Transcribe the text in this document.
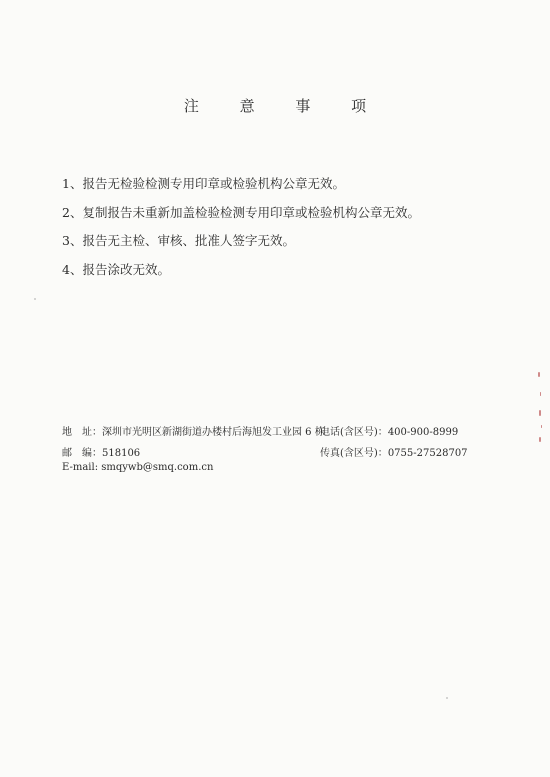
注 意 事 项
1、报告无检验检测专用印章或检验机构公章无效。
2、复制报告未重新加盖检验检测专用印章或检验机构公章无效。
3、报告无主检、审核、批准人签字无效。
4、报告涂改无效。
地　址：深圳市光明区新湖街道办楼村后海旭发工业园 6 栋
电话(含区号)：400-900-8999
邮　编：518106	传真(含区号)：0755-27528707
E-mail: smqywb@smq.com.cn
